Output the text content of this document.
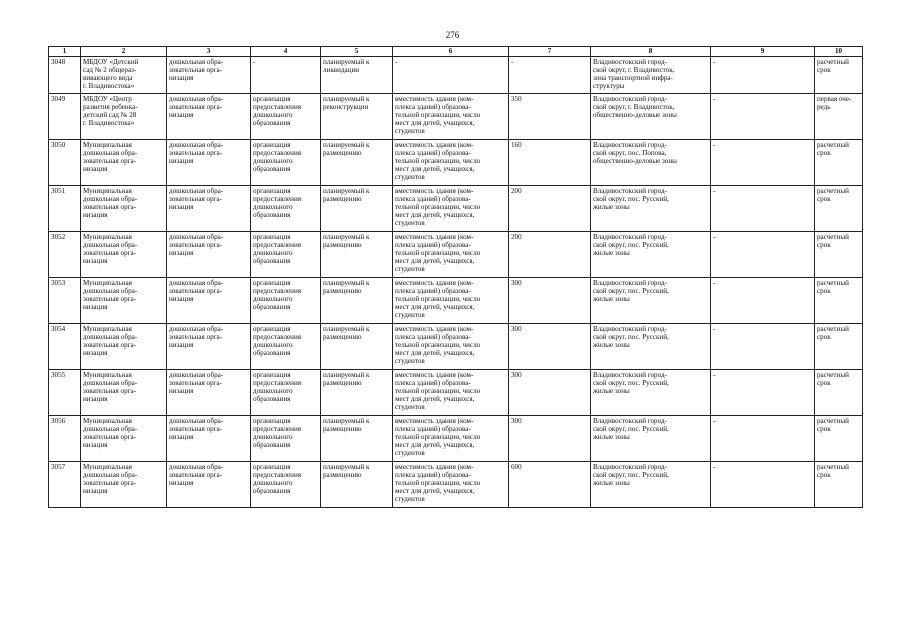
276
1	2	3	4	5	6	7	8	9	10
3048	МБДОУ «Детский
сад № 2 общераз-
вивающего вида
г. Владивостока»	дошкольная обра-
зовательная орга-
низация	-	планируемый к
ликвидации	-	-	Владивостокский город-
ской округ, г. Владивосток,
зона транспортной инфра-
структуры	-	расчетный
срок
3049	МБДОУ «Центр
развития ребенка-
детский сад № 28
г. Владивостока»	дошкольная обра-
зовательная орга-
низация	организация
предоставления
дошкольного
образования	планируемый к
реконструкции	вместимость здания (ком-
плекса зданий) образова-
тельной организации, число
мест для детей, учащихся,
студентов	350	Владивостокский город-
ской округ, г. Владивосток,
общественно-деловые зоны	-	первая оче-
редь
3050	Муниципальная
дошкольная обра-
зовательная орга-
низация	дошкольная обра-
зовательная орга-
низация	организация
предоставления
дошкольного
образования	планируемый к
размещению	вместимость здания (ком-
плекса зданий) образова-
тельной организации, число
мест для детей, учащихся,
студентов	160	Владивостокский город-
ской округ, пос. Попова,
общественно-деловые зоны	-	расчетный
срок
3051	Муниципальная
дошкольная обра-
зовательная орга-
низация	дошкольная обра-
зовательная орга-
низация	организация
предоставления
дошкольного
образования	планируемый к
размещению	вместимость здания (ком-
плекса зданий) образова-
тельной организации, число
мест для детей, учащихся,
студентов	200	Владивостокский город-
ской округ, пос. Русский,
жилые зоны	-	расчетный
срок
3052	Муниципальная
дошкольная обра-
зовательная орга-
низация	дошкольная обра-
зовательная орга-
низация	организация
предоставления
дошкольного
образования	планируемый к
размещению	вместимость здания (ком-
плекса зданий) образова-
тельной организации, число
мест для детей, учащихся,
студентов	200	Владивостокский город-
ской округ, пос. Русский,
жилые зоны	-	расчетный
срок
3053	Муниципальная
дошкольная обра-
зовательная орга-
низация	дошкольная обра-
зовательная орга-
низация	организация
предоставления
дошкольного
образования	планируемый к
размещению	вместимость здания (ком-
плекса зданий) образова-
тельной организации, число
мест для детей, учащихся,
студентов	300	Владивостокский город-
ской округ, пос. Русский,
жилые зоны	-	расчетный
срок
3054	Муниципальная
дошкольная обра-
зовательная орга-
низация	дошкольная обра-
зовательная орга-
низация	организация
предоставления
дошкольного
образования	планируемый к
размещению	вместимость здания (ком-
плекса зданий) образова-
тельной организации, число
мест для детей, учащихся,
студентов	300	Владивостокский город-
ской округ, пос. Русский,
жилые зоны	-	расчетный
срок
3055	Муниципальная
дошкольная обра-
зовательная орга-
низация	дошкольная обра-
зовательная орга-
низация	организация
предоставления
дошкольного
образования	планируемый к
размещению	вместимость здания (ком-
плекса зданий) образова-
тельной организации, число
мест для детей, учащихся,
студентов	300	Владивостокский город-
ской округ, пос. Русский,
жилые зоны	-	расчетный
срок
3056	Муниципальная
дошкольная обра-
зовательная орга-
низация	дошкольная обра-
зовательная орга-
низация	организация
предоставления
дошкольного
образования	планируемый к
размещению	вместимость здания (ком-
плекса зданий) образова-
тельной организации, число
мест для детей, учащихся,
студентов	300	Владивостокский город-
ской округ, пос. Русский,
жилые зоны	-	расчетный
срок
3057	Муниципальная
дошкольная обра-
зовательная орга-
низация	дошкольная обра-
зовательная орга-
низация	организация
предоставления
дошкольного
образования	планируемый к
размещению	вместимость здания (ком-
плекса зданий) образова-
тельной организации, число
мест для детей, учащихся,
студентов	600	Владивостокский город-
ской округ, пос. Русский,
жилые зоны	-	расчетный
срок
